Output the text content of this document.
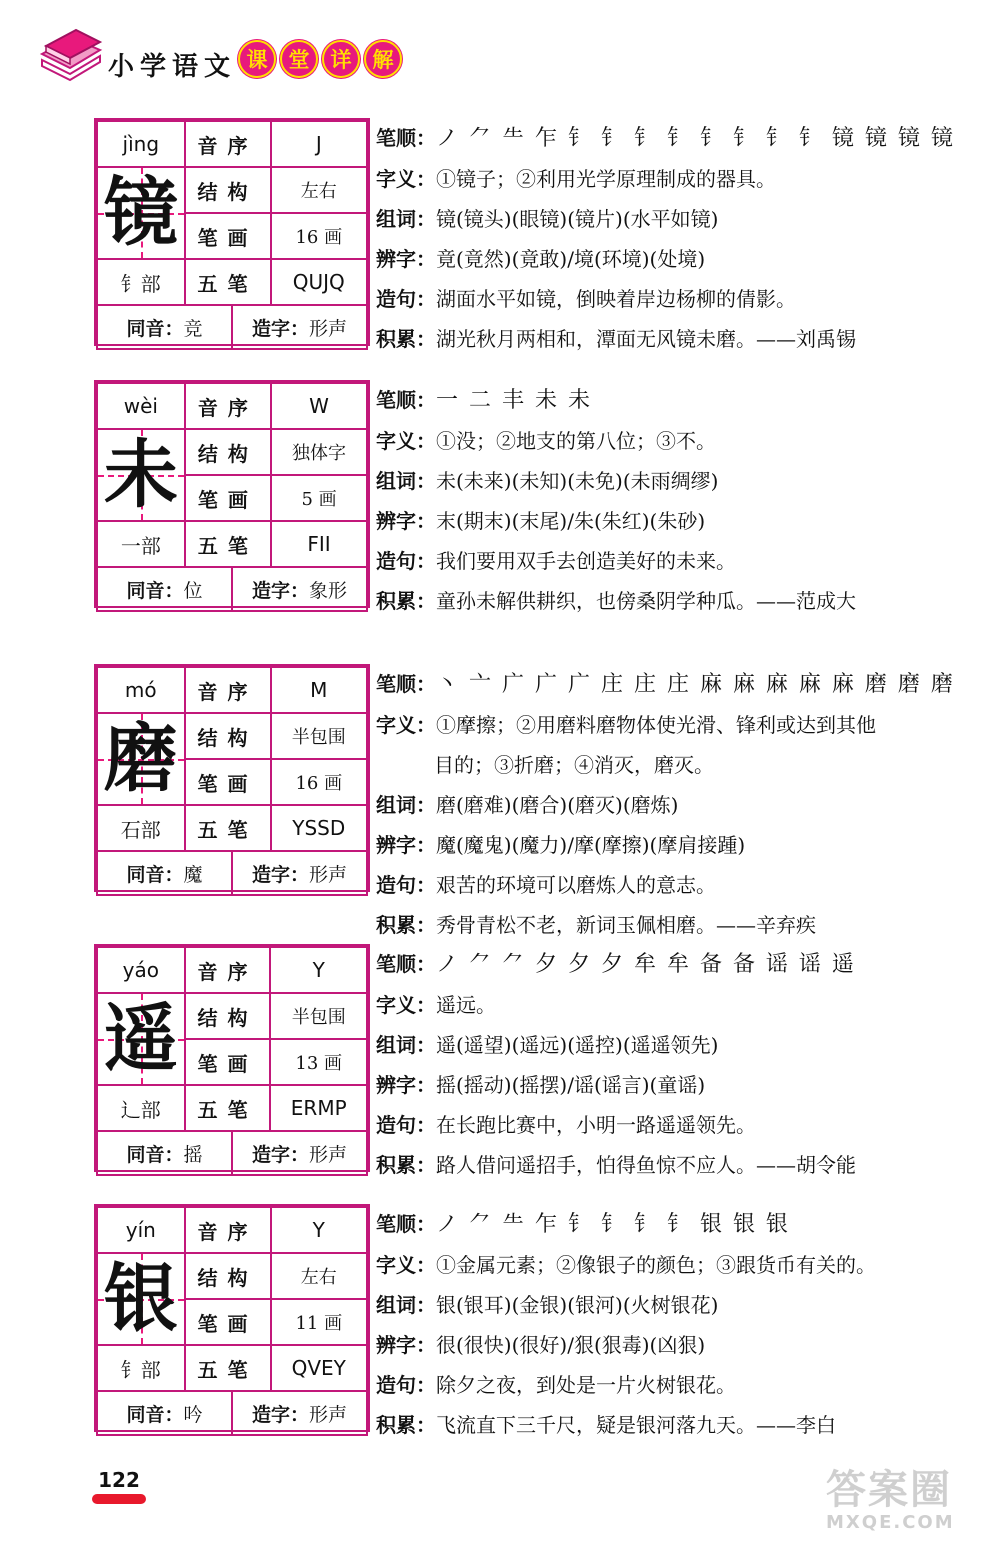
小学语文 课	堂	详	解
jìng	音序	J

镜	结构	左右
	笔画	16 画
钅部	五笔	QUJQ

同音： 竞 造字： 形声		
笔顺：ノ ⺈ ⺧ 乍 钅 钅 钅 钅 钅 钅 钅 钅 镜 镜 镜 镜
字义：①镜子；②利用光学原理制成的器具。
组词：镜(镜头)(眼镜)(镜片)(水平如镜)
辨字：竟(竟然)(竟敢)/境(环境)(处境)
造句：湖面水平如镜，倒映着岸边杨柳的倩影。
积累：湖光秋月两相和，潭面无风镜未磨。——刘禹锡
wèi	音序	W

未	结构	独体字
	笔画	5 画
一部	五笔	FII

同音： 位 造字： 象形		
笔顺：一 二 丰 未 未
字义：①没；②地支的第八位；③不。
组词：未(未来)(未知)(未免)(未雨绸缪)
辨字：末(期末)(末尾)/朱(朱红)(朱砂)
造句：我们要用双手去创造美好的未来。
积累：童孙未解供耕织，也傍桑阴学种瓜。——范成大
mó	音序	M

磨	结构	半包围
	笔画	16 画
石部	五笔	YSSD

同音： 魔 造字： 形声		
笔顺：丶 亠 广 广 广 庄 庄 庄 麻 麻 麻 麻 麻 磨 磨 磨
字义：①摩擦；②用磨料磨物体使光滑、锋利或达到其他
目的；③折磨；④消灭，磨灭。
组词：磨(磨难)(磨合)(磨灭)(磨炼)
辨字：魔(魔鬼)(魔力)/摩(摩擦)(摩肩接踵)
造句：艰苦的环境可以磨炼人的意志。
积累：秀骨青松不老，新词玉佩相磨。——辛弃疾
yáo	音序	Y

遥	结构	半包围
	笔画	13 画
辶部	五笔	ERMP

同音： 摇 造字： 形声		
笔顺：ノ ⺈ ⺈ 夕 夕 夕 牟 牟 备 备 谣 谣 遥
字义：遥远。
组词：遥(遥望)(遥远)(遥控)(遥遥领先)
辨字：摇(摇动)(摇摆)/谣(谣言)(童谣)
造句：在长跑比赛中，小明一路遥遥领先。
积累：路人借问遥招手，怕得鱼惊不应人。——胡令能
yín	音序	Y

银	结构	左右
	笔画	11 画
钅部	五笔	QVEY

同音： 吟 造字： 形声		
笔顺：ノ ⺈ ⺧ 乍 钅 钅 钅 钅 银 银 银
字义：①金属元素；②像银子的颜色；③跟货币有关的。
组词：银(银耳)(金银)(银河)(火树银花)
辨字：很(很快)(很好)/狠(狠毒)(凶狠)
造句：除夕之夜，到处是一片火树银花。
积累：飞流直下三千尺，疑是银河落九天。——李白
122	答案圈
MXQE.COM
